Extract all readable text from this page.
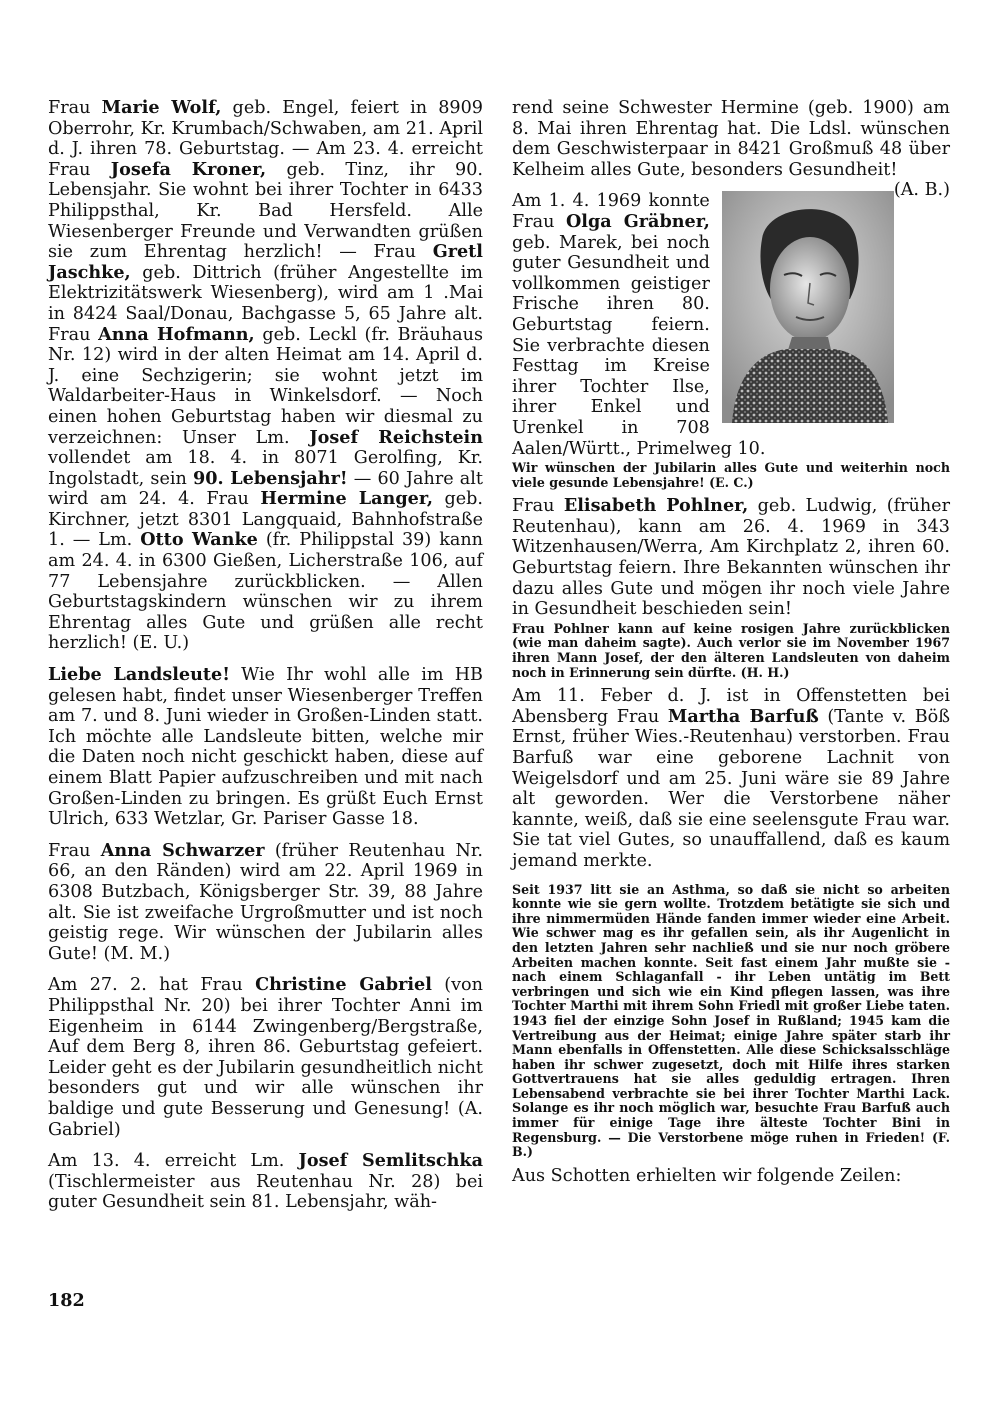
Frau Marie Wolf, geb. Engel, feiert in 8909 Oberrohr, Kr. Krumbach/Schwaben, am 21. April d. J. ihren 78. Geburtstag. — Am 23. 4. erreicht Frau Josefa Kroner, geb. Tinz, ihr 90. Lebensjahr. Sie wohnt bei ihrer Tochter in 6433 Philippsthal, Kr. Bad Hersfeld. Alle Wiesenberger Freunde und Verwandten grüßen sie zum Ehrentag herzlich! — Frau Gretl Jaschke, geb. Dittrich (früher Angestellte im Elektrizitätswerk Wiesenberg), wird am 1 .Mai in 8424 Saal/Donau, Bachgasse 5, 65 Jahre alt. Frau Anna Hofmann, geb. Leckl (fr. Bräuhaus Nr. 12) wird in der alten Heimat am 14. April d. J. eine Sechzigerin; sie wohnt jetzt im Waldarbeiter-Haus in Winkelsdorf. — Noch einen hohen Geburtstag haben wir diesmal zu verzeichnen: Unser Lm. Josef Reichstein vollendet am 18. 4. in 8071 Gerolfing, Kr. Ingolstadt, sein 90. Lebensjahr! — 60 Jahre alt wird am 24. 4. Frau Hermine Langer, geb. Kirchner, jetzt 8301 Langquaid, Bahnhofstraße 1. — Lm. Otto Wanke (fr. Philippstal 39) kann am 24. 4. in 6300 Gießen, Licherstraße 106, auf 77 Lebensjahre zurückblicken. — Allen Geburtstagskindern wünschen wir zu ihrem Ehrentag alles Gute und grüßen alle recht herzlich! (E. U.)

Liebe Landsleute! Wie Ihr wohl alle im HB gelesen habt, findet unser Wiesenberger Treffen am 7. und 8. Juni wieder in Großen-Linden statt. Ich möchte alle Landsleute bitten, welche mir die Daten noch nicht geschickt haben, diese auf einem Blatt Papier aufzuschreiben und mit nach Großen-Linden zu bringen. Es grüßt Euch Ernst Ulrich, 633 Wetzlar, Gr. Pariser Gasse 18.

Frau Anna Schwarzer (früher Reutenhau Nr. 66, an den Ränden) wird am 22. April 1969 in 6308 Butzbach, Königsberger Str. 39, 88 Jahre alt. Sie ist zweifache Urgroßmutter und ist noch geistig rege. Wir wünschen der Jubilarin alles Gute! (M. M.)

Am 27. 2. hat Frau Christine Gabriel (von Philippsthal Nr. 20) bei ihrer Tochter Anni im Eigenheim in 6144 Zwingenberg/Bergstraße, Auf dem Berg 8, ihren 86. Geburtstag gefeiert. Leider geht es der Jubilarin gesundheitlich nicht besonders gut und wir alle wünschen ihr baldige und gute Besserung und Genesung! (A. Gabriel)

Am 13. 4. erreicht Lm. Josef Semlitschka (Tischlermeister aus Reutenhau Nr. 28) bei guter Gesundheit sein 81. Lebensjahr, wäh-

rend seine Schwester Hermine (geb. 1900) am 8. Mai ihren Ehrentag hat. Die Ldsl. wünschen dem Geschwisterpaar in 8421 Großmuß 48 über Kelheim alles Gute, besonders Gesundheit!
(A. B.)

Am 1. 4. 1969 konnte Frau Olga Gräbner, geb. Marek, bei noch guter Gesundheit und vollkommen geistiger Frische ihren 80. Geburtstag feiern. Sie verbrachte diesen Festtag im Kreise ihrer Tochter Ilse, ihrer Enkel und Urenkel in 708 Aalen/Württ., Primelweg 10.

Wir wünschen der Jubilarin alles Gute und weiterhin noch viele gesunde Lebensjahre! (E. C.)

Frau Elisabeth Pohlner, geb. Ludwig, (früher Reutenhau), kann am 26. 4. 1969 in 343 Witzenhausen/Werra, Am Kirchplatz 2, ihren 60. Geburtstag feiern. Ihre Bekannten wünschen ihr dazu alles Gute und mögen ihr noch viele Jahre in Gesundheit beschieden sein!

Frau Pohlner kann auf keine rosigen Jahre zurückblicken (wie man daheim sagte). Auch verlor sie im November 1967 ihren Mann Josef, der den älteren Landsleuten von daheim noch in Erinnerung sein dürfte. (H. H.)

Am 11. Feber d. J. ist in Offenstetten bei Abensberg Frau Martha Barfuß (Tante v. Böß Ernst, früher Wies.-Reutenhau) verstorben. Frau Barfuß war eine geborene Lachnit von Weigelsdorf und am 25. Juni wäre sie 89 Jahre alt geworden. Wer die Verstorbene näher kannte, weiß, daß sie eine seelensgute Frau war. Sie tat viel Gutes, so unauffallend, daß es kaum jemand merkte.

Seit 1937 litt sie an Asthma, so daß sie nicht so arbeiten konnte wie sie gern wollte. Trotzdem betätigte sie sich und ihre nimmermüden Hände fanden immer wieder eine Arbeit. Wie schwer mag es ihr gefallen sein, als ihr Augenlicht in den letzten Jahren sehr nachließ und sie nur noch gröbere Arbeiten machen konnte. Seit fast einem Jahr mußte sie - nach einem Schlaganfall - ihr Leben untätig im Bett verbringen und sich wie ein Kind pflegen lassen, was ihre Tochter Marthi mit ihrem Sohn Friedl mit großer Liebe taten. 1943 fiel der einzige Sohn Josef in Rußland; 1945 kam die Vertreibung aus der Heimat; einige Jahre später starb ihr Mann ebenfalls in Offenstetten. Alle diese Schicksalsschläge haben ihr schwer zugesetzt, doch mit Hilfe ihres starken Gottvertrauens hat sie alles geduldig ertragen. Ihren Lebensabend verbrachte sie bei ihrer Tochter Marthi Lack. Solange es ihr noch möglich war, besuchte Frau Barfuß auch immer für einige Tage ihre älteste Tochter Bini in Regensburg. — Die Verstorbene möge ruhen in Frieden! (F. B.)

Aus Schotten erhielten wir folgende Zeilen:

182
